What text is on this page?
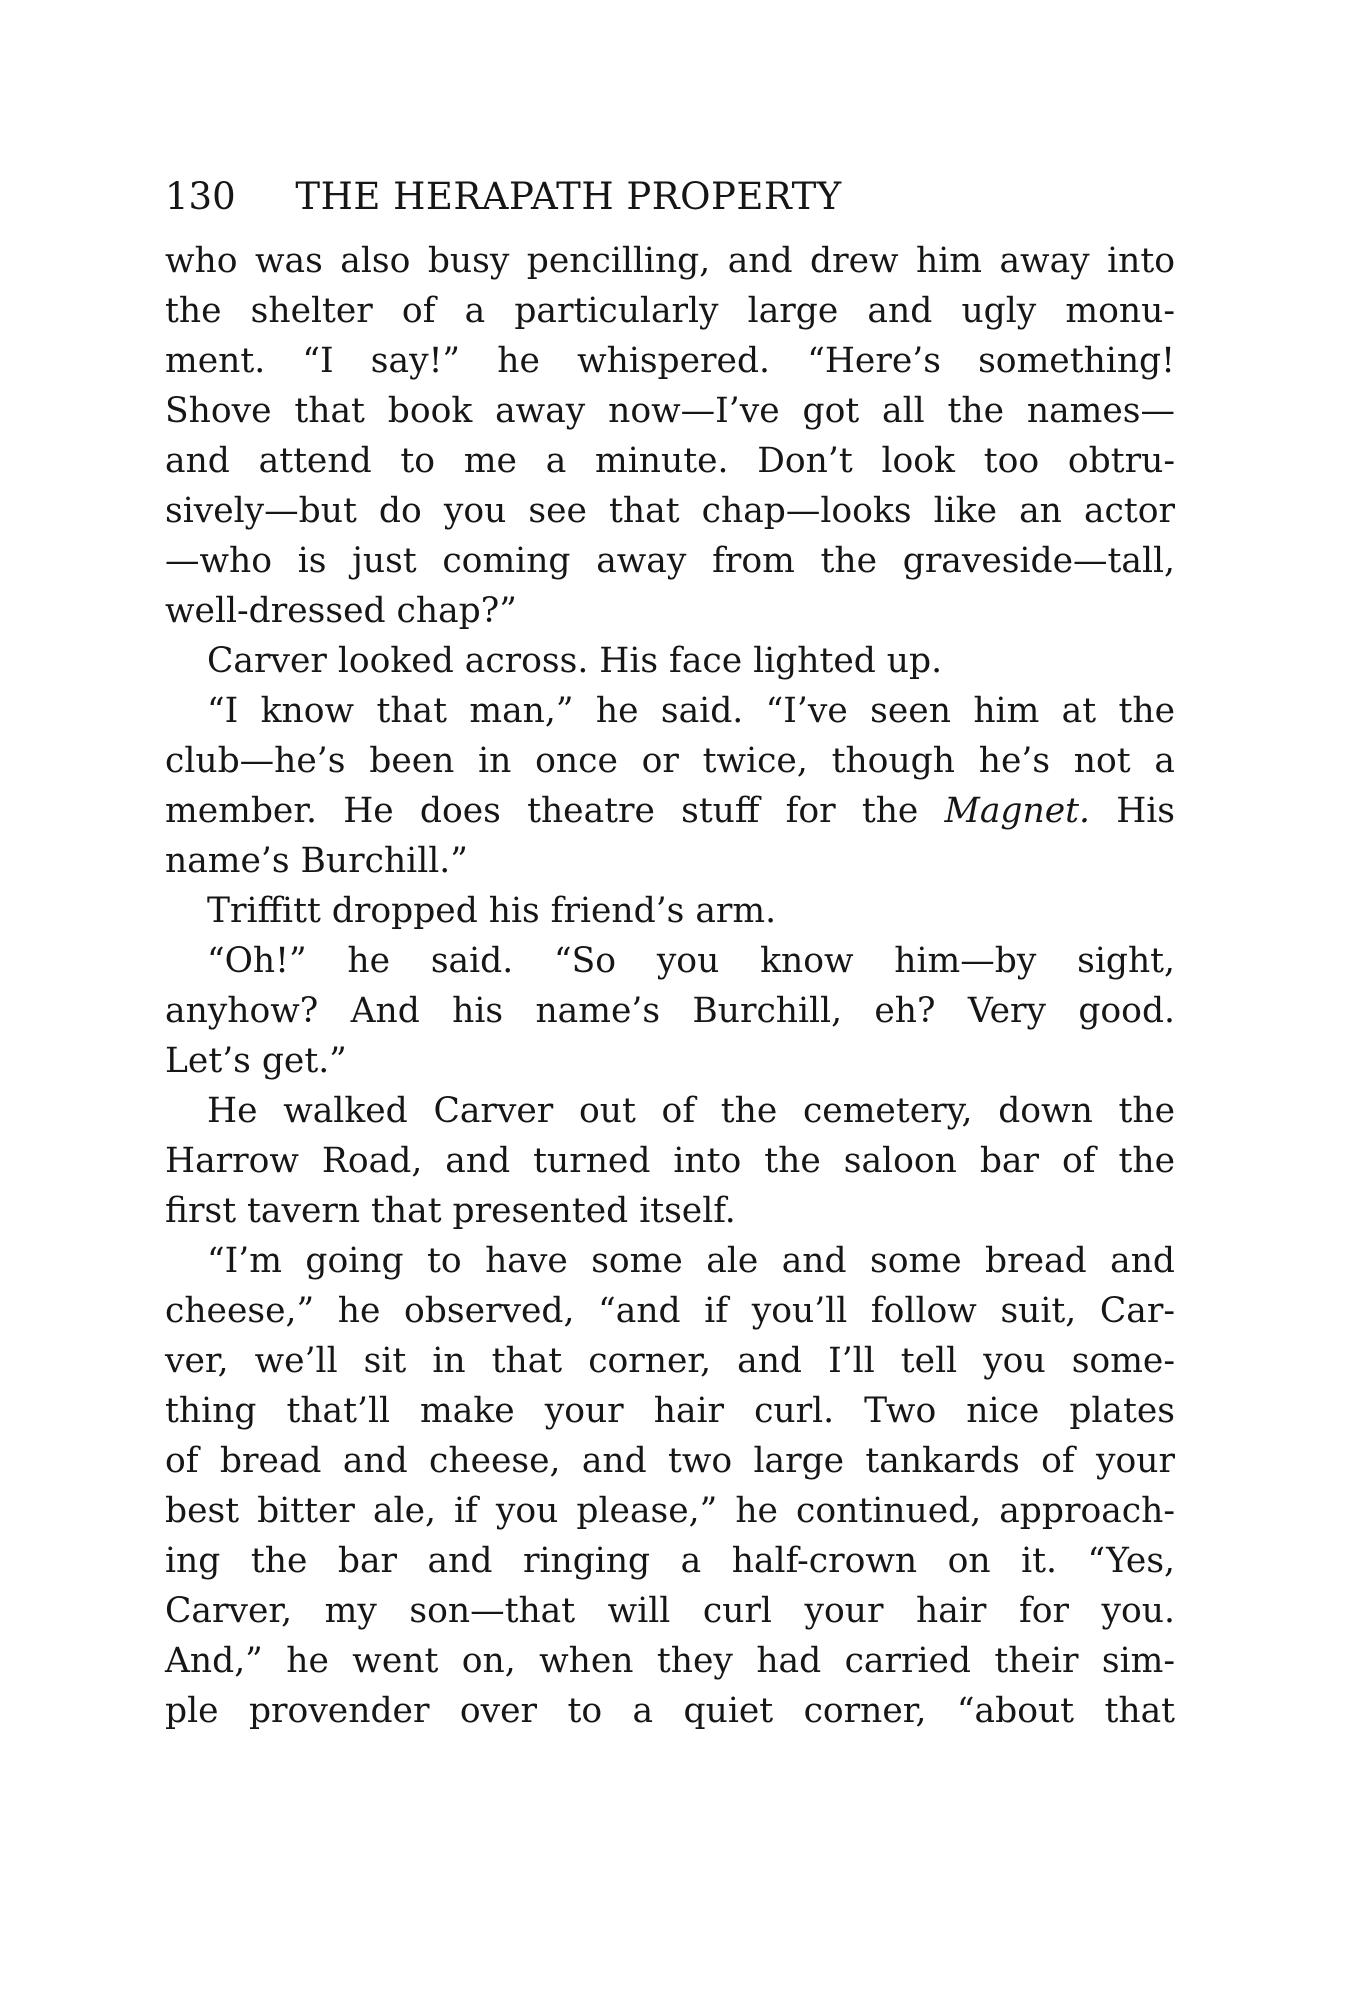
130 THE HERAPATH PROPERTY
who was also busy pencilling, and drew him away into
the shelter of a particularly large and ugly monu-
ment. “I say!” he whispered. “Here’s something!
Shove that book away now—I’ve got all the names—
and attend to me a minute. Don’t look too obtru-
sively—but do you see that chap—looks like an actor
—who is just coming away from the graveside—tall,
well-dressed chap?”
Carver looked across. His face lighted up.
“I know that man,” he said. “I’ve seen him at the
club—he’s been in once or twice, though he’s not a
member. He does theatre stuff for the Magnet. His
name’s Burchill.”
Triffitt dropped his friend’s arm.
“Oh!” he said. “So you know him—by sight,
anyhow? And his name’s Burchill, eh? Very good.
Let’s get.”
He walked Carver out of the cemetery, down the
Harrow Road, and turned into the saloon bar of the
first tavern that presented itself.
“I’m going to have some ale and some bread and
cheese,” he observed, “and if you’ll follow suit, Car-
ver, we’ll sit in that corner, and I’ll tell you some-
thing that’ll make your hair curl. Two nice plates
of bread and cheese, and two large tankards of your
best bitter ale, if you please,” he continued, approach-
ing the bar and ringing a half-crown on it. “Yes,
Carver, my son—that will curl your hair for you.
And,” he went on, when they had carried their sim-
ple provender over to a quiet corner, “about that
